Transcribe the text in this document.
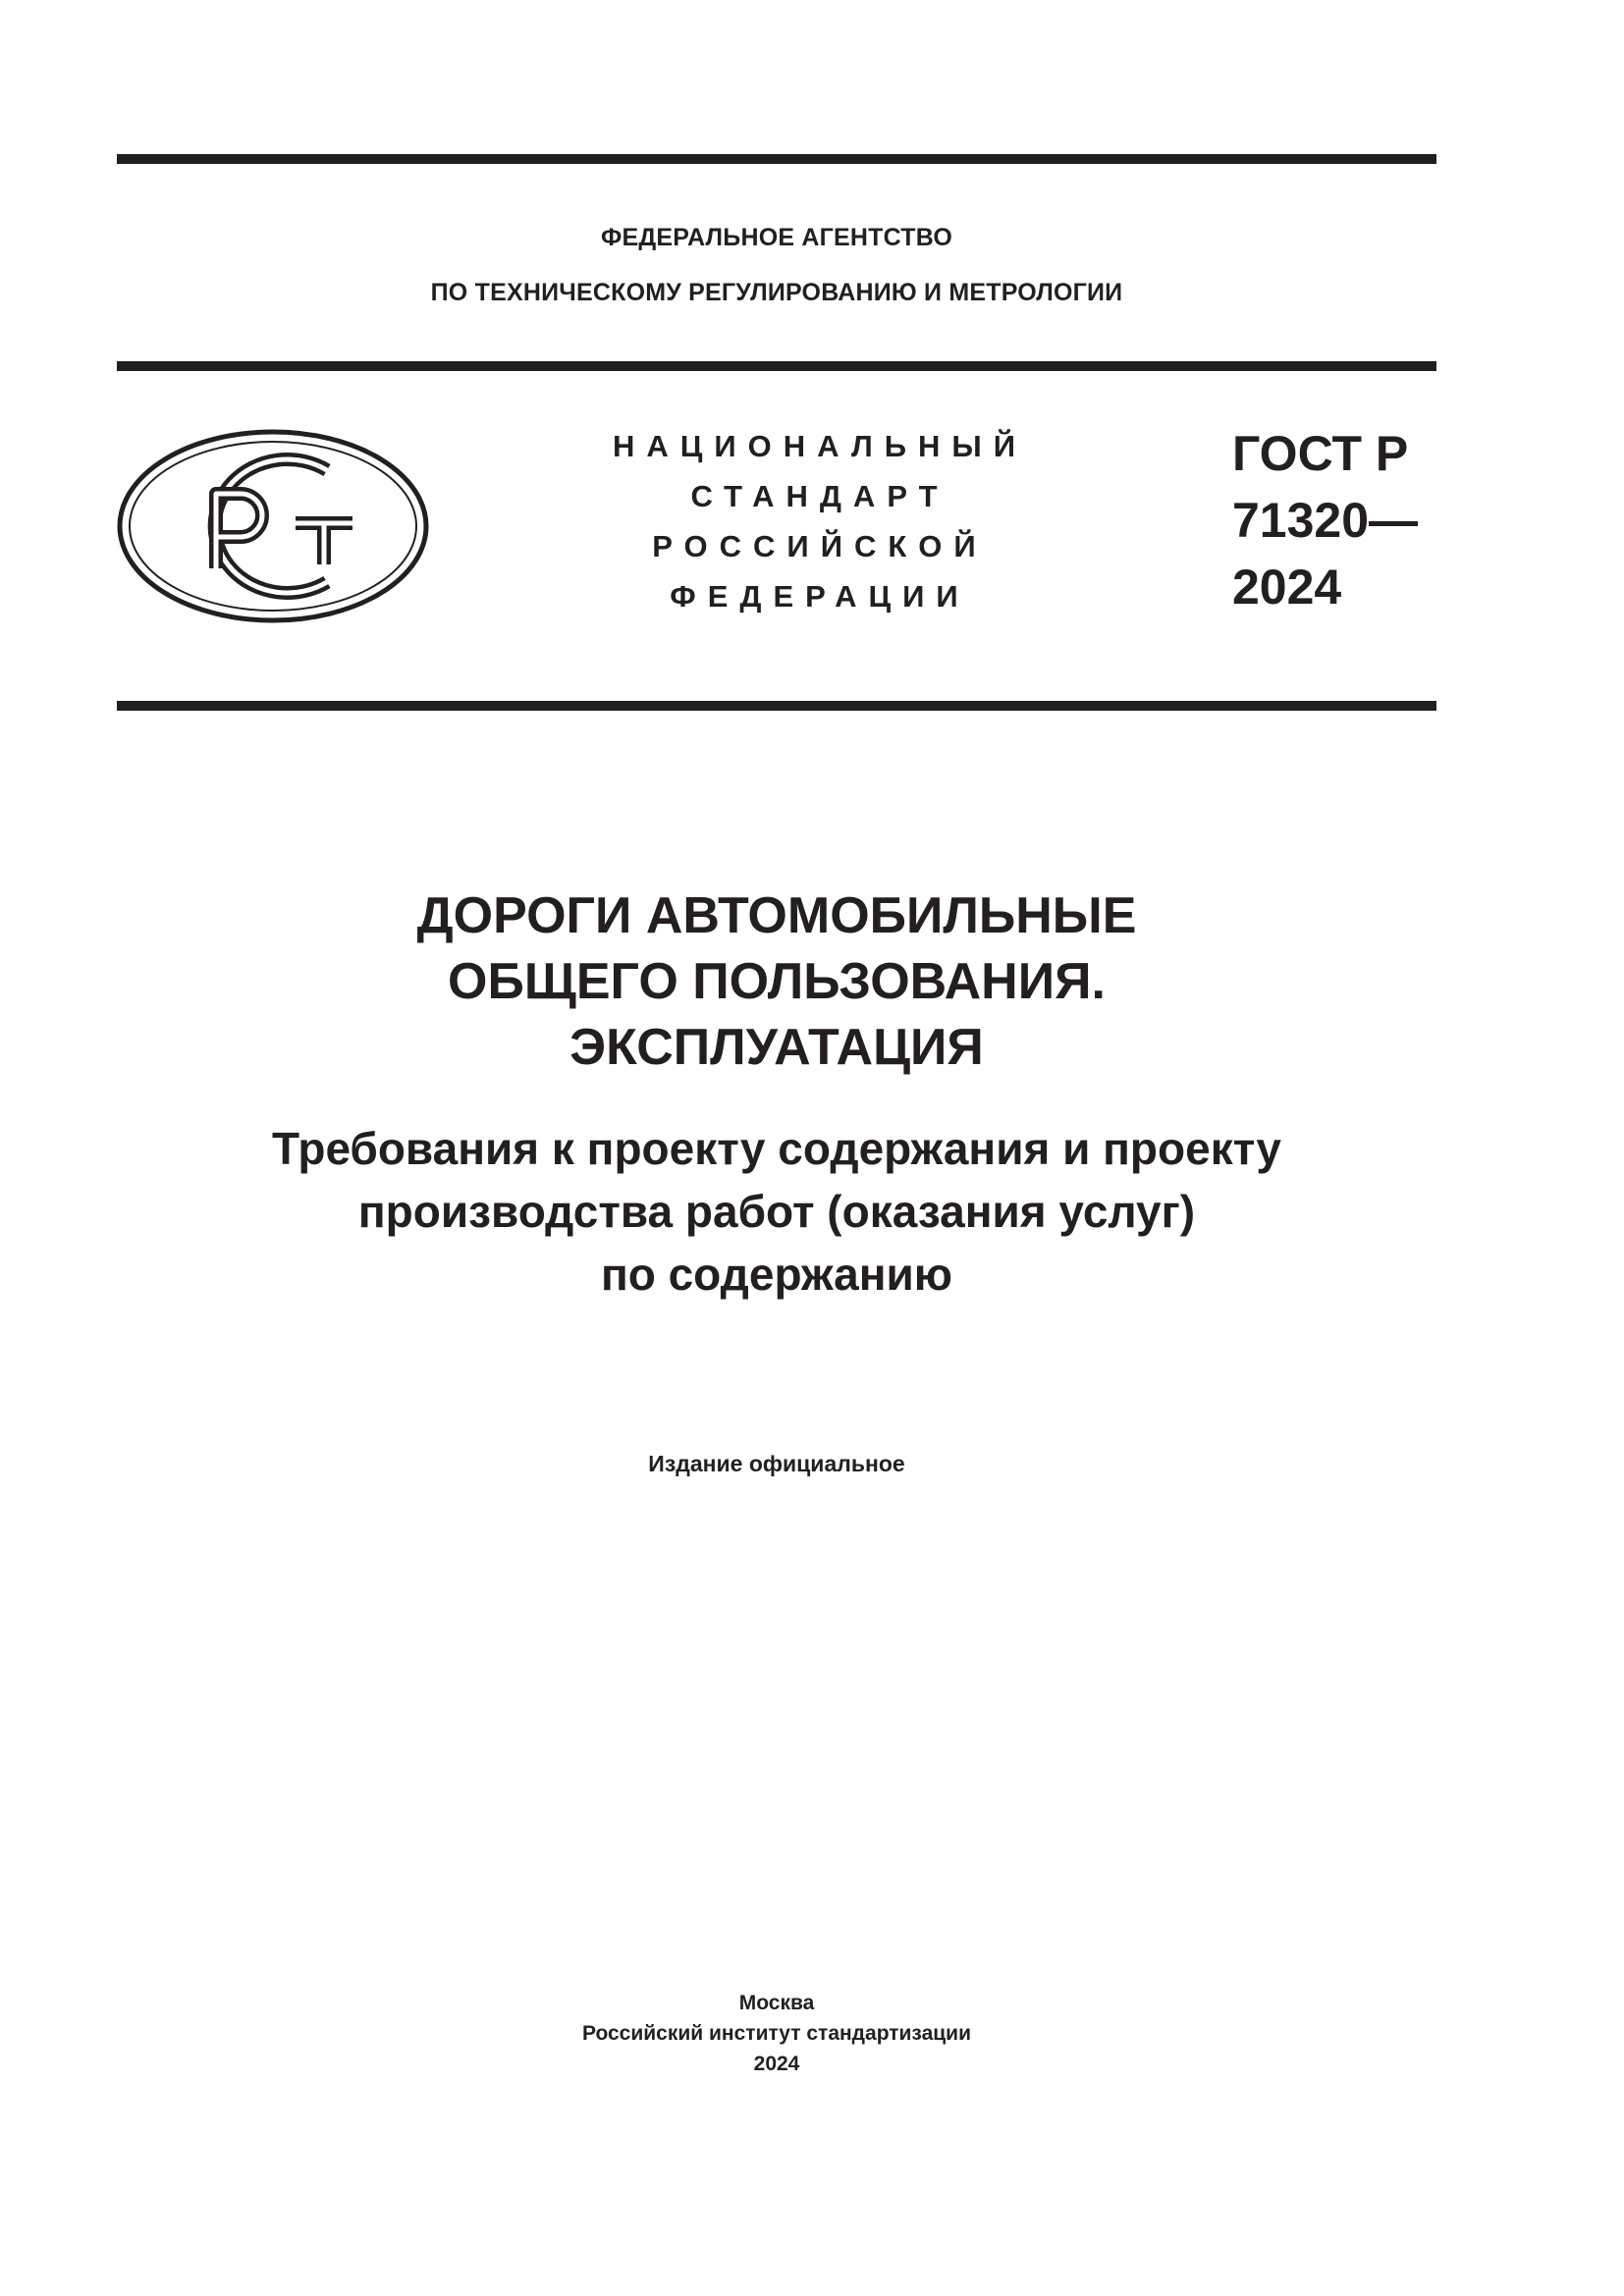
ФЕДЕРАЛЬНОЕ АГЕНТСТВО
ПО ТЕХНИЧЕСКОМУ РЕГУЛИРОВАНИЮ И МЕТРОЛОГИИ
НАЦИОНАЛЬНЫЙ
СТАНДАРТ
РОССИЙСКОЙ
ФЕДЕРАЦИИ
ГОСТ Р
71320—
2024
ДОРОГИ АВТОМОБИЛЬНЫЕ
ОБЩЕГО ПОЛЬЗОВАНИЯ.
ЭКСПЛУАТАЦИЯ
Требования к проекту содержания и проекту
производства работ (оказания услуг)
по содержанию
Издание официальное
Москва
Российский институт стандартизации
2024
